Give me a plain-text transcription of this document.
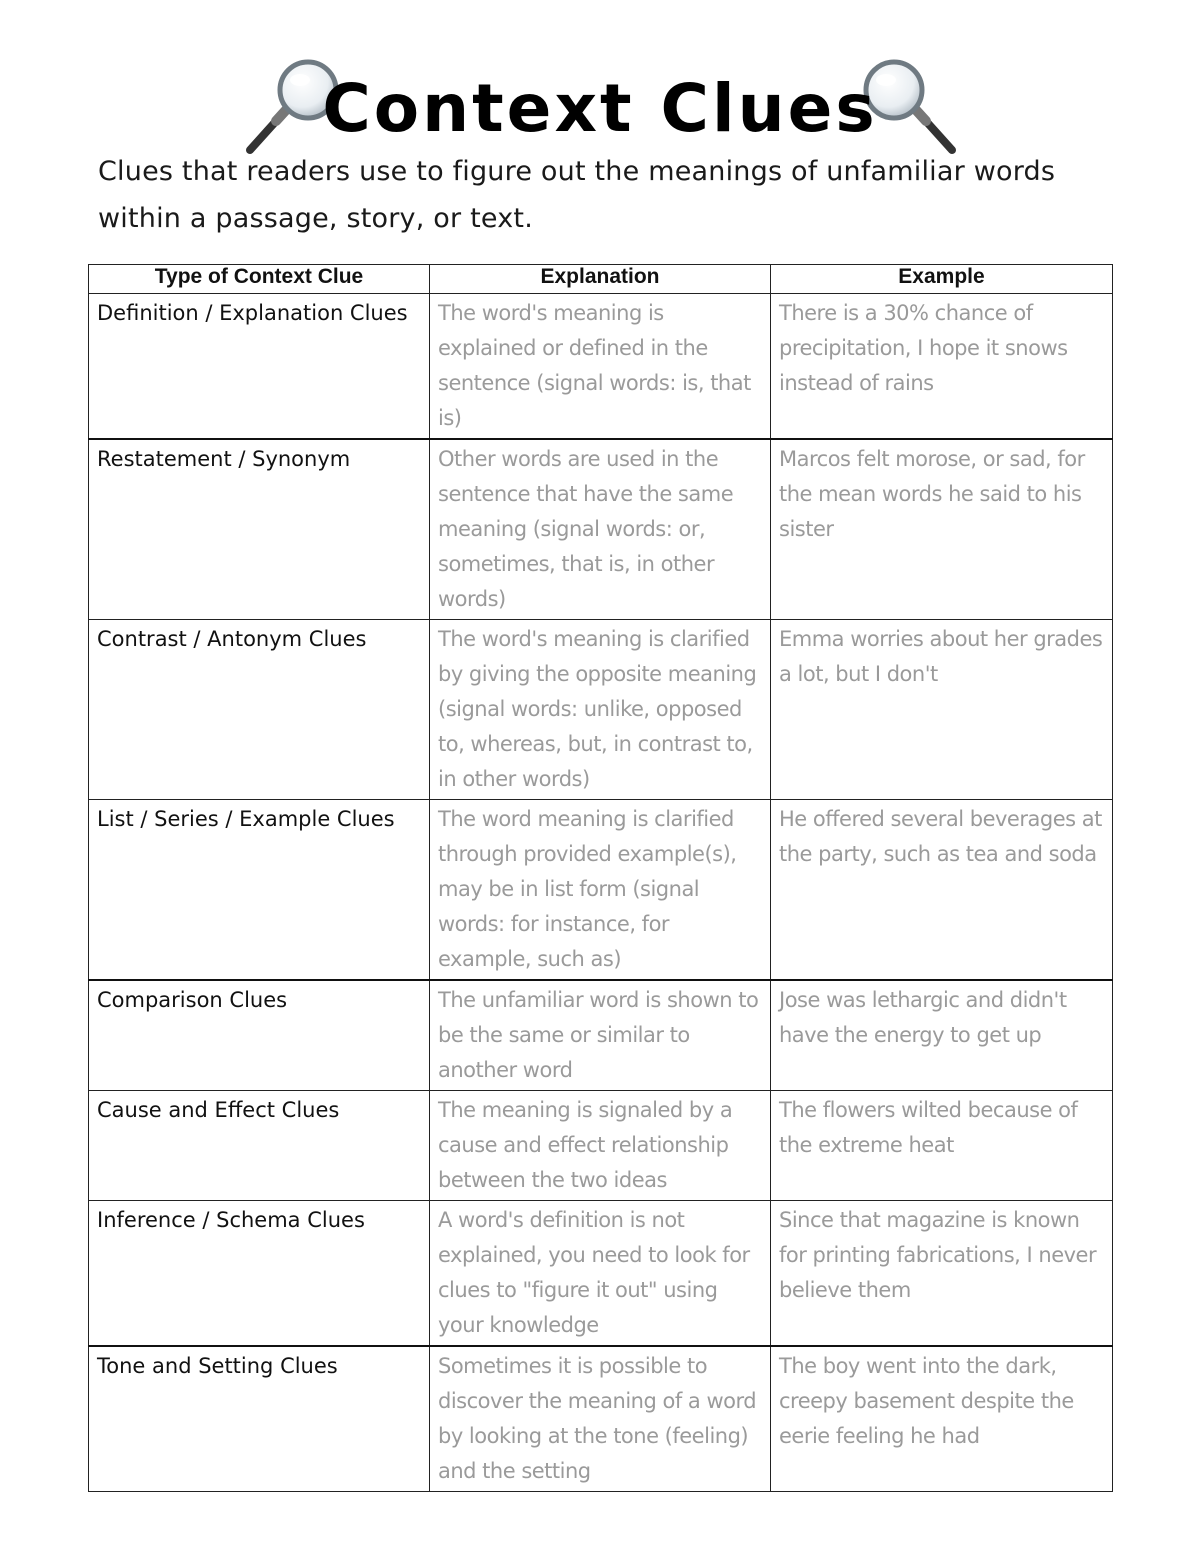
Context Clues
Clues that readers use to figure out the meanings of unfamiliar words within a passage, story, or text.
Type of Context Clue	Explanation	Example
Definition / Explanation Clues	The word's meaning is explained or defined in the sentence (signal words: is, that is)	There is a 30% chance of precipitation, I hope it snows instead of rains
Restatement / Synonym	Other words are used in the sentence that have the same meaning (signal words: or, sometimes, that is, in other words)	Marcos felt morose, or sad, for the mean words he said to his sister
Contrast / Antonym Clues	The word's meaning is clarified by giving the opposite meaning (signal words: unlike, opposed to, whereas, but, in contrast to, in other words)	Emma worries about her grades a lot, but I don't
List / Series / Example Clues	The word meaning is clarified through provided example(s), may be in list form (signal words: for instance, for example, such as)	He offered several beverages at the party, such as tea and soda
Comparison Clues	The unfamiliar word is shown to be the same or similar to another word	Jose was lethargic and didn't have the energy to get up
Cause and Effect Clues	The meaning is signaled by a cause and effect relationship between the two ideas	The flowers wilted because of the extreme heat
Inference / Schema Clues	A word's definition is not explained, you need to look for clues to "figure it out" using your knowledge	Since that magazine is known for printing fabrications, I never believe them
Tone and Setting Clues	Sometimes it is possible to discover the meaning of a word by looking at the tone (feeling) and the setting	The boy went into the dark, creepy basement despite the eerie feeling he had
